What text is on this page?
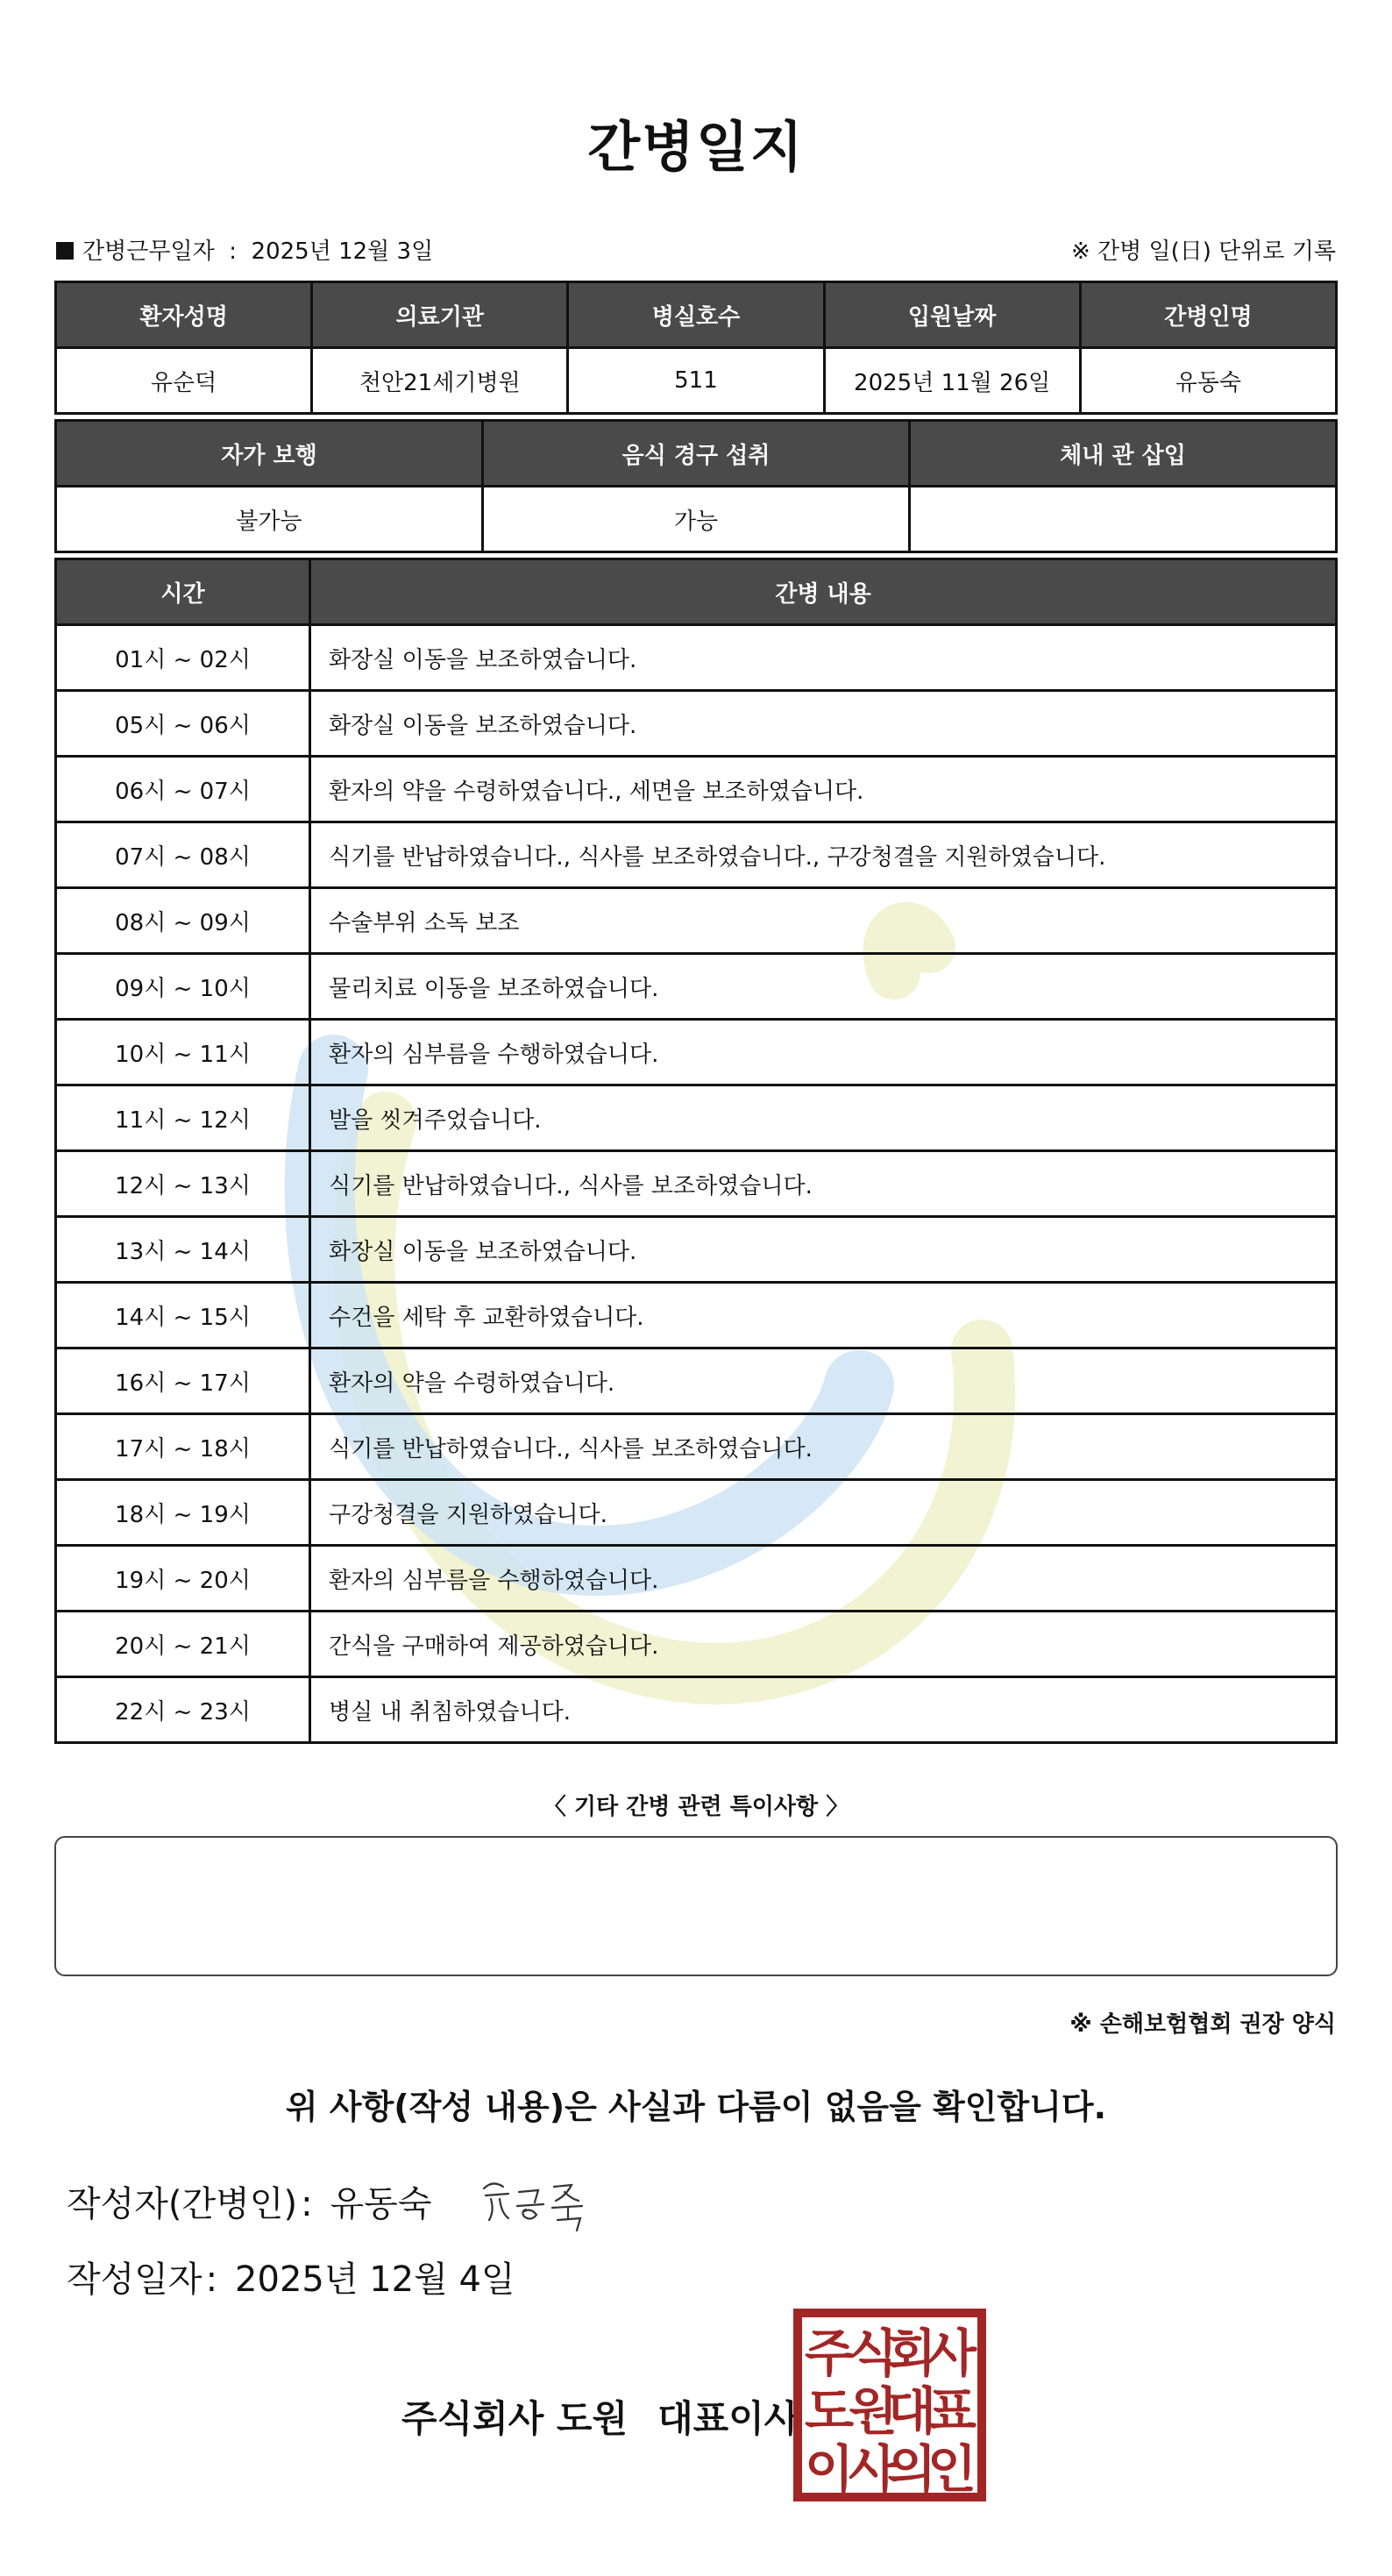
간병일지
간병근무일자  :  2025년 12월 3일	※ 간병 일(日) 단위로 기록
환자성명	의료기관	병실호수	입원날짜	간병인명
유순덕	천안21세기병원	511	2025년 11월 26일	유동숙
자가 보행	음식 경구 섭취	체내 관 삽입
불가능	가능	
시간	간병 내용
01시 ~ 02시	화장실 이동을 보조하였습니다.
05시 ~ 06시	화장실 이동을 보조하였습니다.
06시 ~ 07시	환자의 약을 수령하였습니다., 세면을 보조하였습니다.
07시 ~ 08시	식기를 반납하였습니다., 식사를 보조하였습니다., 구강청결을 지원하였습니다.
08시 ~ 09시	수술부위 소독 보조
09시 ~ 10시	물리치료 이동을 보조하였습니다.
10시 ~ 11시	환자의 심부름을 수행하였습니다.
11시 ~ 12시	발을 씻겨주었습니다.
12시 ~ 13시	식기를 반납하였습니다., 식사를 보조하였습니다.
13시 ~ 14시	화장실 이동을 보조하였습니다.
14시 ~ 15시	수건을 세탁 후 교환하였습니다.
16시 ~ 17시	환자의 약을 수령하였습니다.
17시 ~ 18시	식기를 반납하였습니다., 식사를 보조하였습니다.
18시 ~ 19시	구강청결을 지원하였습니다.
19시 ~ 20시	환자의 심부름을 수행하였습니다.
20시 ~ 21시	간식을 구매하여 제공하였습니다.
22시 ~ 23시	병실 내 취침하였습니다.
〈 기타 간병 관련 특이사항 〉
※ 손해보험협회 권장 양식
위 사항(작성 내용)은 사실과 다름이 없음을 확인합니다.
작성자(간병인) : 유동숙
작성일자 : 2025년 12월 4일
주식회사 도원 대표이사
주
식
회
사
도
원
대
표
이
사
의
인
